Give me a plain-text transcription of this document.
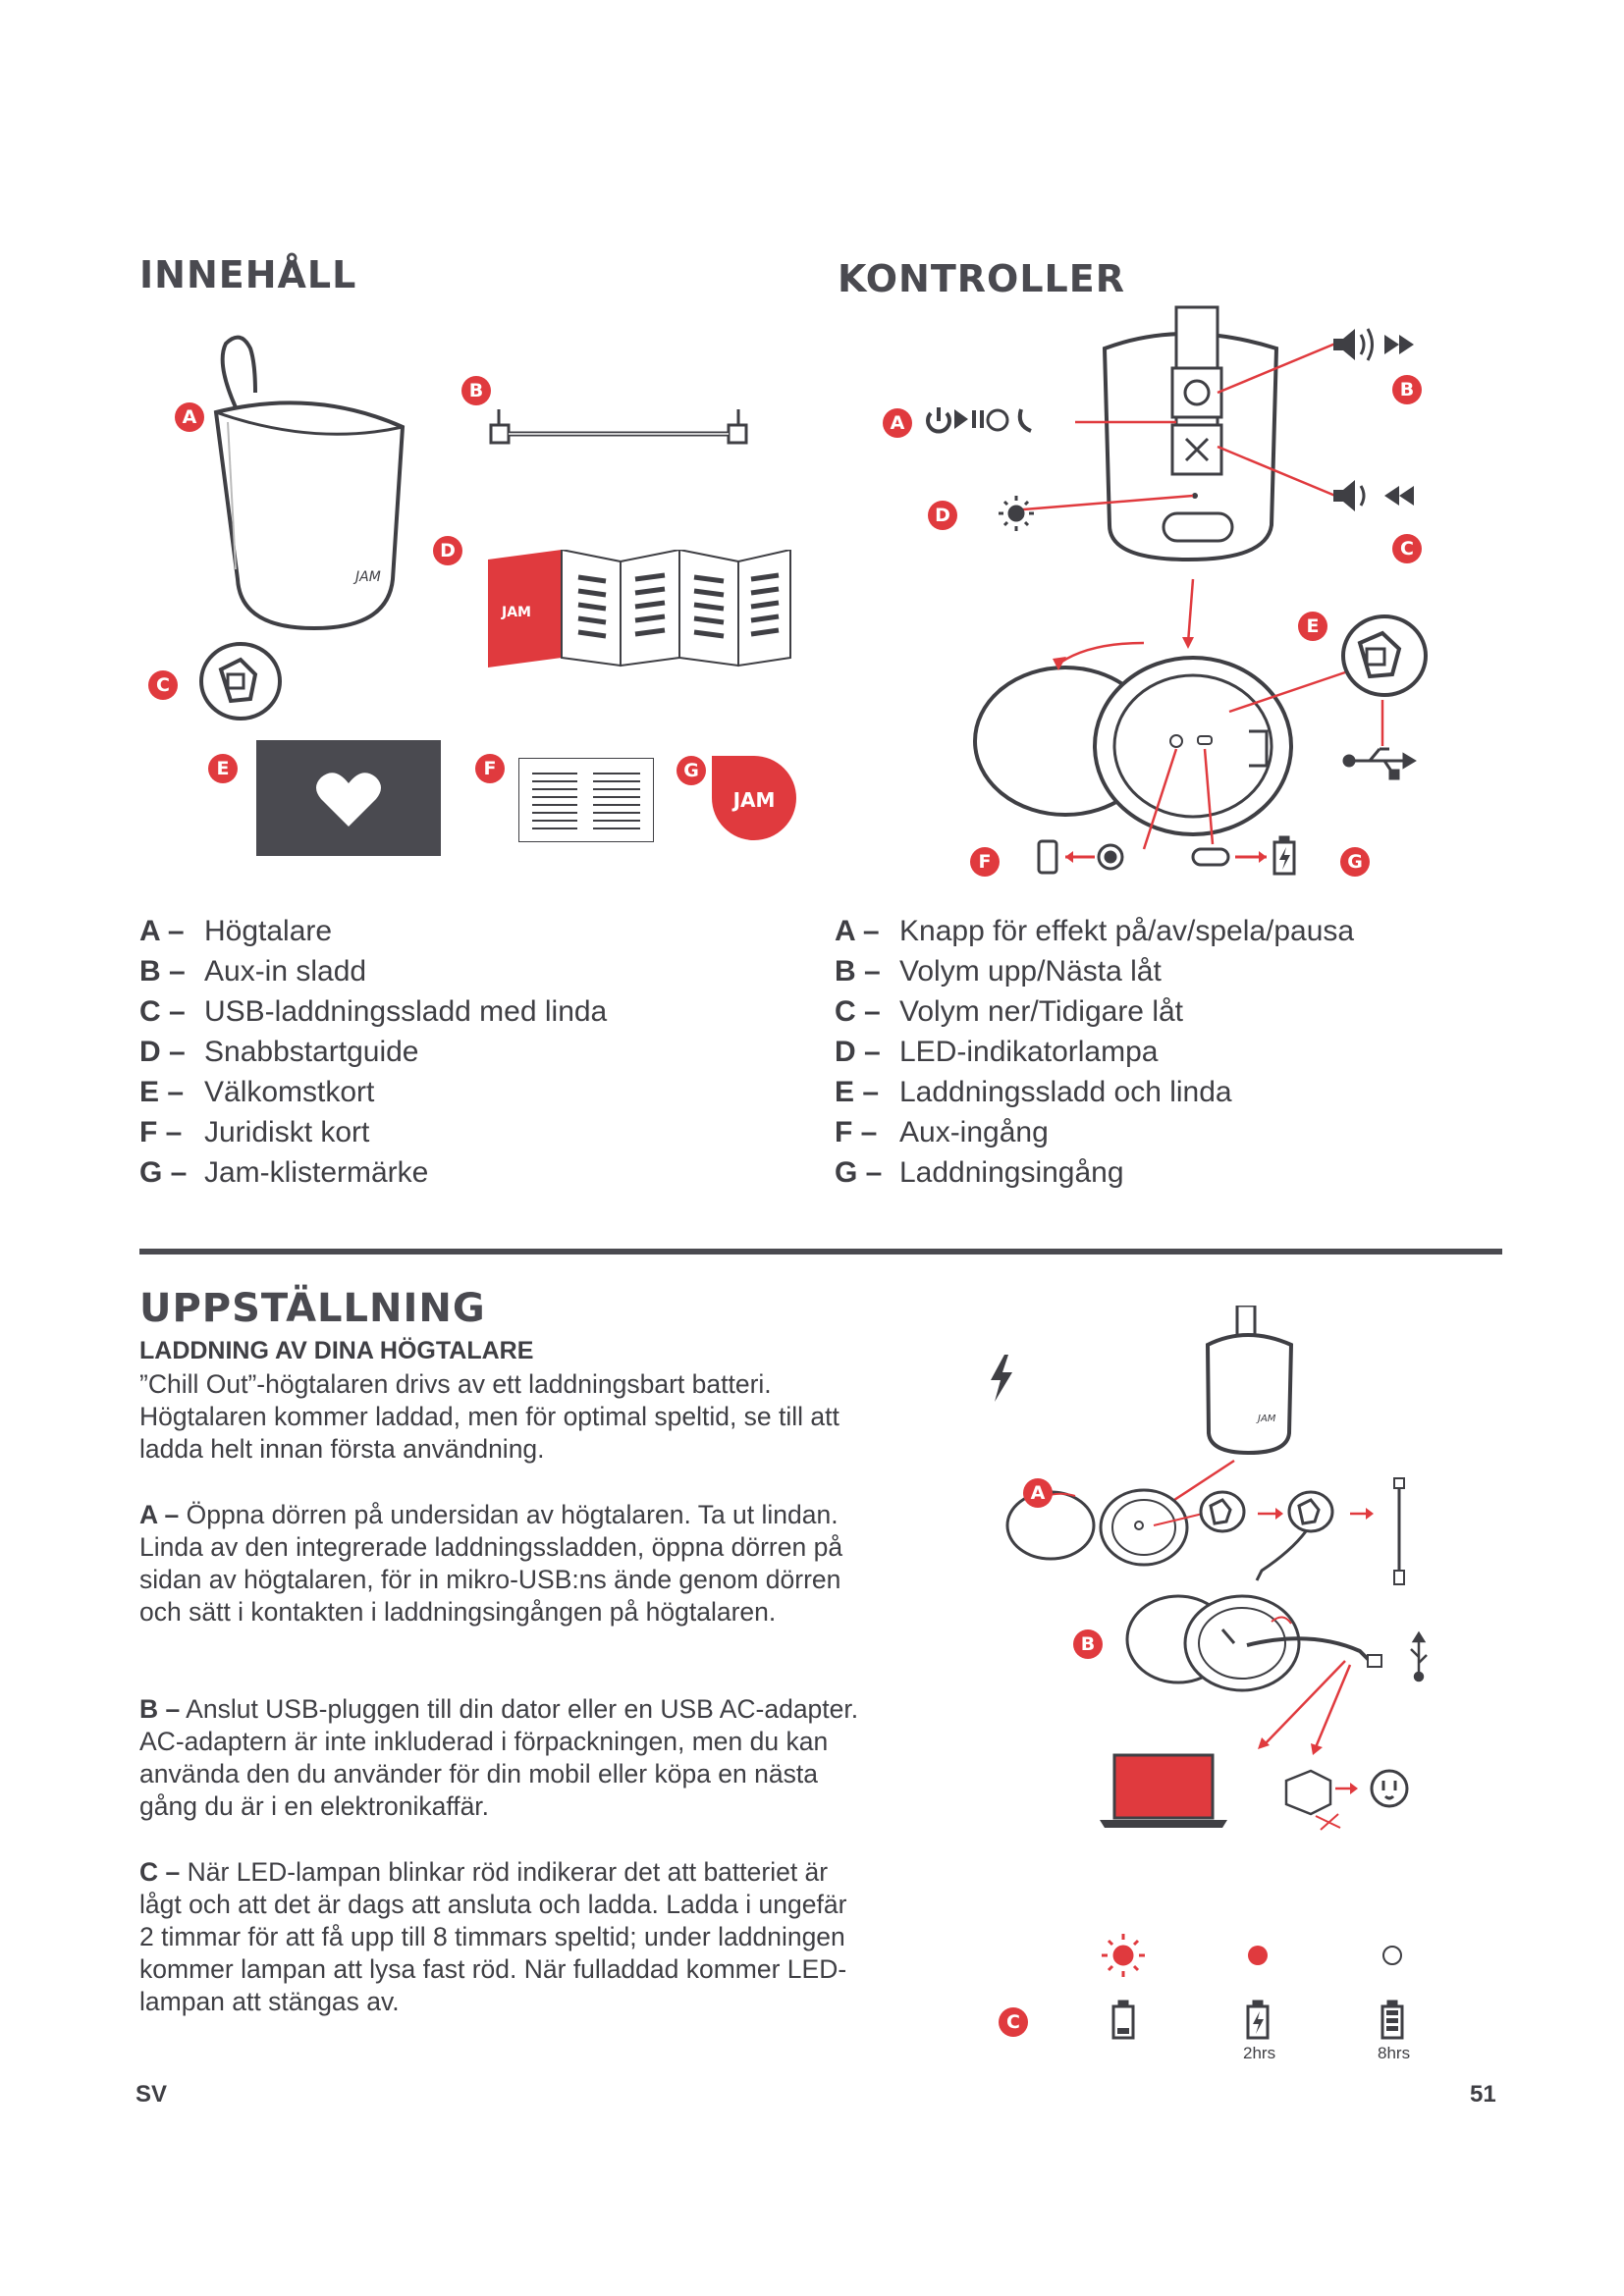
INNEHÅLL	KONTROLLER
JAM
A
B
JAM
D
C
E	F
JAM
G
A
B
C
D
E
F	G
A – Högtalare
B – Aux-in sladd
C – USB-laddningssladd med linda
D – Snabbstartguide
E – Välkomstkort
F – Juridiskt kort
G – Jam-klistermärke
A – Knapp för effekt på/av/spela/pausa
B – Volym upp/Nästa låt
C – Volym ner/Tidigare låt
D – LED-indikatorlampa
E – Laddningssladd och linda
F – Aux-ingång
G – Laddningsingång
UPPSTÄLLNING
LADDNING AV DINA HÖGTALARE
”Chill Out”-högtalaren drivs av ett laddningsbart batteri. Högtalaren kommer laddad, men för optimal speltid, se till att ladda helt innan första användning.
A – Öppna dörren på undersidan av högtalaren. Ta ut lindan. Linda av den integrerade laddningssladden, öppna dörren på sidan av högtalaren, för in mikro-USB:ns ände genom dörren och sätt i kontakten i laddningsingången på högtalaren.
B – Anslut USB-pluggen till din dator eller en USB AC-adapter. AC-adaptern är inte inkluderad i förpackningen, men du kan använda den du använder för din mobil eller köpa en nästa gång du är i en elektronikaffär.
C – När LED-lampan blinkar röd indikerar det att batteriet är lågt och att det är dags att ansluta och ladda. Ladda i ungefär 2 timmar för att få upp till 8 timmars speltid; under laddningen kommer lampan att lysa fast röd. När fulladdad kommer LED-lampan att stängas av.
JAM
A
B
C
2hrs	8hrs
SV	51
